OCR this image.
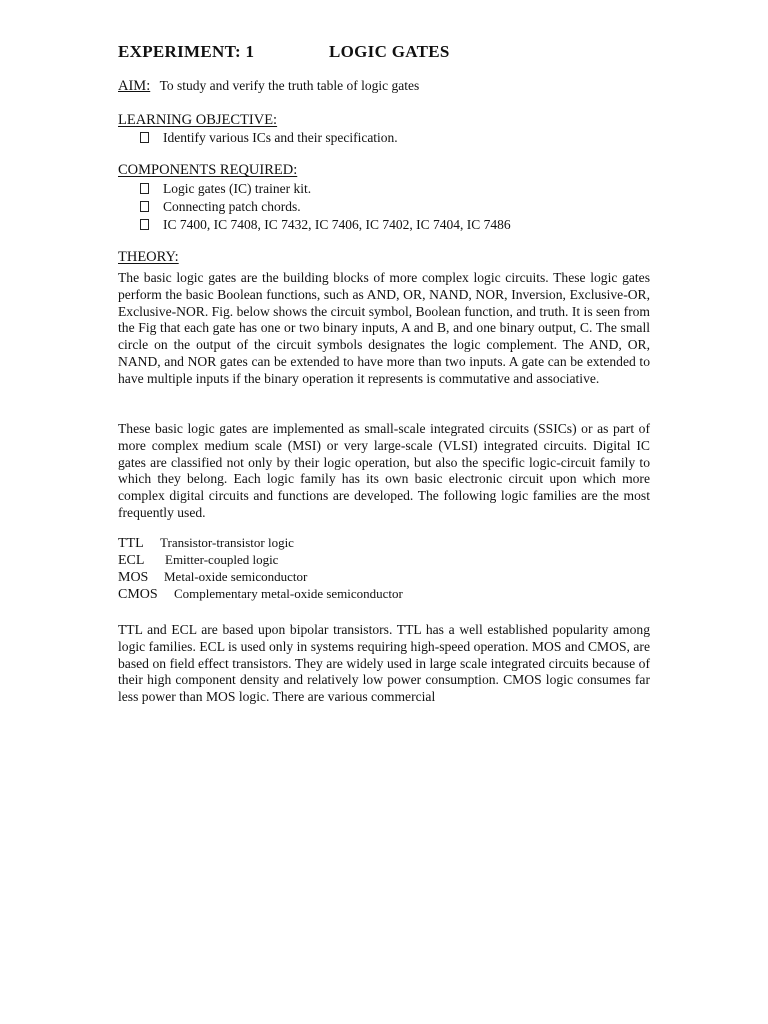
EXPERIMENT: 1	LOGIC GATES
AIM: To study and verify the truth table of logic gates
LEARNING OBJECTIVE:
Identify various ICs and their specification.
COMPONENTS REQUIRED:
Logic gates (IC) trainer kit.
Connecting patch chords.
IC 7400, IC 7408, IC 7432, IC 7406, IC 7402, IC 7404, IC 7486
THEORY:

The basic logic gates are the building blocks of more complex logic circuits. These logic gates perform the basic Boolean functions, such as AND, OR, NAND, NOR, Inversion, Exclusive-OR, Exclusive-NOR. Fig. below shows the circuit symbol, Boolean function, and truth. It is seen from the Fig that each gate has one or two binary inputs, A and B, and one binary output, C. The small circle on the output of the circuit symbols designates the logic complement. The AND, OR, NAND, and NOR gates can be extended to have more than two inputs. A gate can be extended to have multiple inputs if the binary operation it represents is commutative and associative.

These basic logic gates are implemented as small-scale integrated circuits (SSICs) or as part of more complex medium scale (MSI) or very large-scale (VLSI) integrated circuits. Digital IC gates are classified not only by their logic operation, but also the specific logic-circuit family to which they belong. Each logic family has its own basic electronic circuit upon which more complex digital circuits and functions are developed. The following logic families are the most frequently used.

TTL Transistor-transistor logic
ECL Emitter-coupled logic
MOS Metal-oxide semiconductor
CMOS Complementary metal-oxide semiconductor

TTL and ECL are based upon bipolar transistors. TTL has a well established popularity among logic families. ECL is used only in systems requiring high-speed operation. MOS and CMOS, are based on field effect transistors. They are widely used in large scale integrated circuits because of their high component density and relatively low power consumption. CMOS logic consumes far less power than MOS logic. There are various commercial
